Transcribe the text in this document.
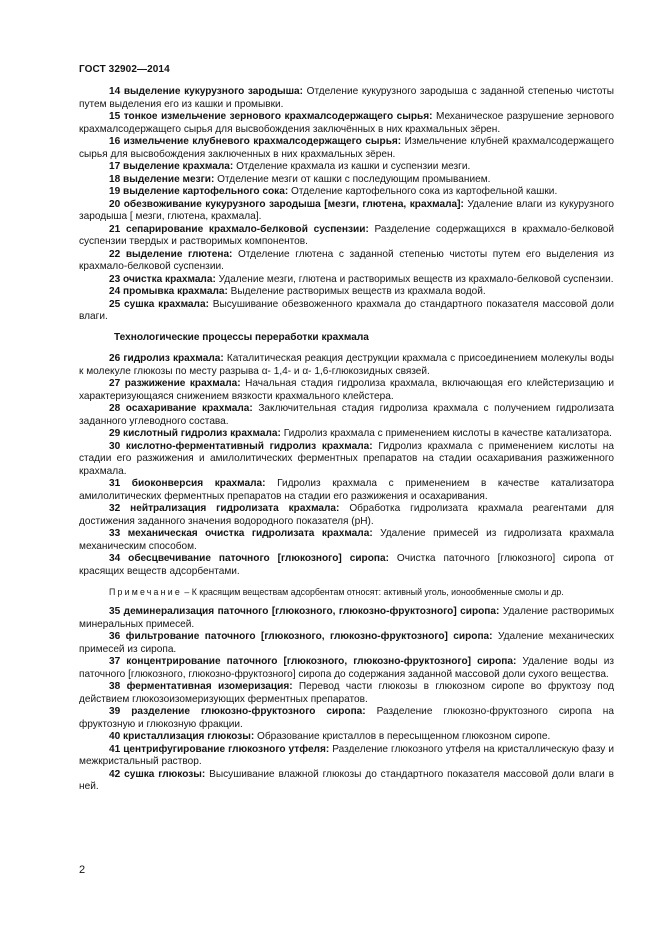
ГОСТ 32902—2014

14 выделение кукурузного зародыша: Отделение кукурузного зародыша с заданной степенью чистоты путем выделения его из кашки и промывки.

15 тонкое измельчение зернового крахмалсодержащего сырья: Механическое разрушение зернового крахмалсодержащего сырья для высвобождения заключённых в них крахмальных зёрен.

16 измельчение клубневого крахмалсодержащего сырья: Измельчение клубней крахмалсодержащего сырья для высвобождения заключенных в них крахмальных зёрен.

17 выделение крахмала: Отделение крахмала из кашки и суспензии мезги.

18 выделение мезги: Отделение мезги от кашки с последующим промыванием.

19 выделение картофельного сока: Отделение картофельного сока из картофельной кашки.

20 обезвоживание кукурузного зародыша [мезги, глютена, крахмала]: Удаление влаги из кукурузного зародыша [ мезги, глютена, крахмала].

21 сепарирование крахмало-белковой суспензии: Разделение содержащихся в крахмало-белковой суспензии твердых и растворимых компонентов.

22 выделение глютена: Отделение глютена с заданной степенью чистоты путем его выделения из крахмало-белковой суспензии.

23 очистка крахмала: Удаление мезги, глютена и растворимых веществ из крахмало-белковой суспензии.

24 промывка крахмала: Выделение растворимых веществ из крахмала водой.

25 сушка крахмала: Высушивание обезвоженного крахмала до стандартного показателя массовой доли влаги.

Технологические процессы переработки крахмала

26 гидролиз крахмала: Каталитическая реакция деструкции крахмала с присоединением молекулы воды к молекуле глюкозы по месту разрыва α- 1,4- и α- 1,6-глюкозидных связей.

27 разжижение крахмала: Начальная стадия гидролиза крахмала, включающая его клейстеризацию и характеризующаяся снижением вязкости крахмального клейстера.

28 осахаривание крахмала: Заключительная стадия гидролиза крахмала с получением гидролизата заданного углеводного состава.

29 кислотный гидролиз крахмала: Гидролиз крахмала с применением кислоты в качестве катализатора.

30 кислотно-ферментативный гидролиз крахмала: Гидролиз крахмала с применением кислоты на стадии его разжижения и амилолитических ферментных препаратов на стадии осахаривания разжиженного крахмала.

31 биоконверсия крахмала: Гидролиз крахмала с применением в качестве катализатора амилолитических ферментных препаратов на стадии его разжижения и осахаривания.

32 нейтрализация гидролизата крахмала: Обработка гидролизата крахмала реагентами для достижения заданного значения водородного показателя (pH).

33 механическая очистка гидролизата крахмала: Удаление примесей из гидролизата крахмала механическим способом.

34 обесцвечивание паточного [глюкозного] сиропа: Очистка паточного [глюкозного] сиропа от красящих веществ адсорбентами.

Примечание – К красящим веществам адсорбентам относят: активный уголь, ионообменные смолы и др.

35 деминерализация паточного [глюкозного, глюкозно-фруктозного] сиропа: Удаление растворимых минеральных примесей.

36 фильтрование паточного [глюкозного, глюкозно-фруктозного] сиропа: Удаление механических примесей из сиропа.

37 концентрирование паточного [глюкозного, глюкозно-фруктозного] сиропа: Удаление воды из паточного [глюкозного, глюкозно-фруктозного] сиропа до содержания заданной массовой доли сухого вещества.

38 ферментативная изомеризация: Перевод части глюкозы в глюкозном сиропе во фруктозу под действием глюкозоизомеризующих ферментных препаратов.

39 разделение глюкозно-фруктозного сиропа: Разделение глюкозно-фруктозного сиропа на фруктозную и глюкозную фракции.

40 кристаллизация глюкозы: Образование кристаллов в пересыщенном глюкозном сиропе.

41 центрифугирование глюкозного утфеля: Разделение глюкозного утфеля на кристаллическую фазу и межкристальный раствор.

42 сушка глюкозы: Высушивание влажной глюкозы до стандартного показателя массовой доли влаги в ней.

2
